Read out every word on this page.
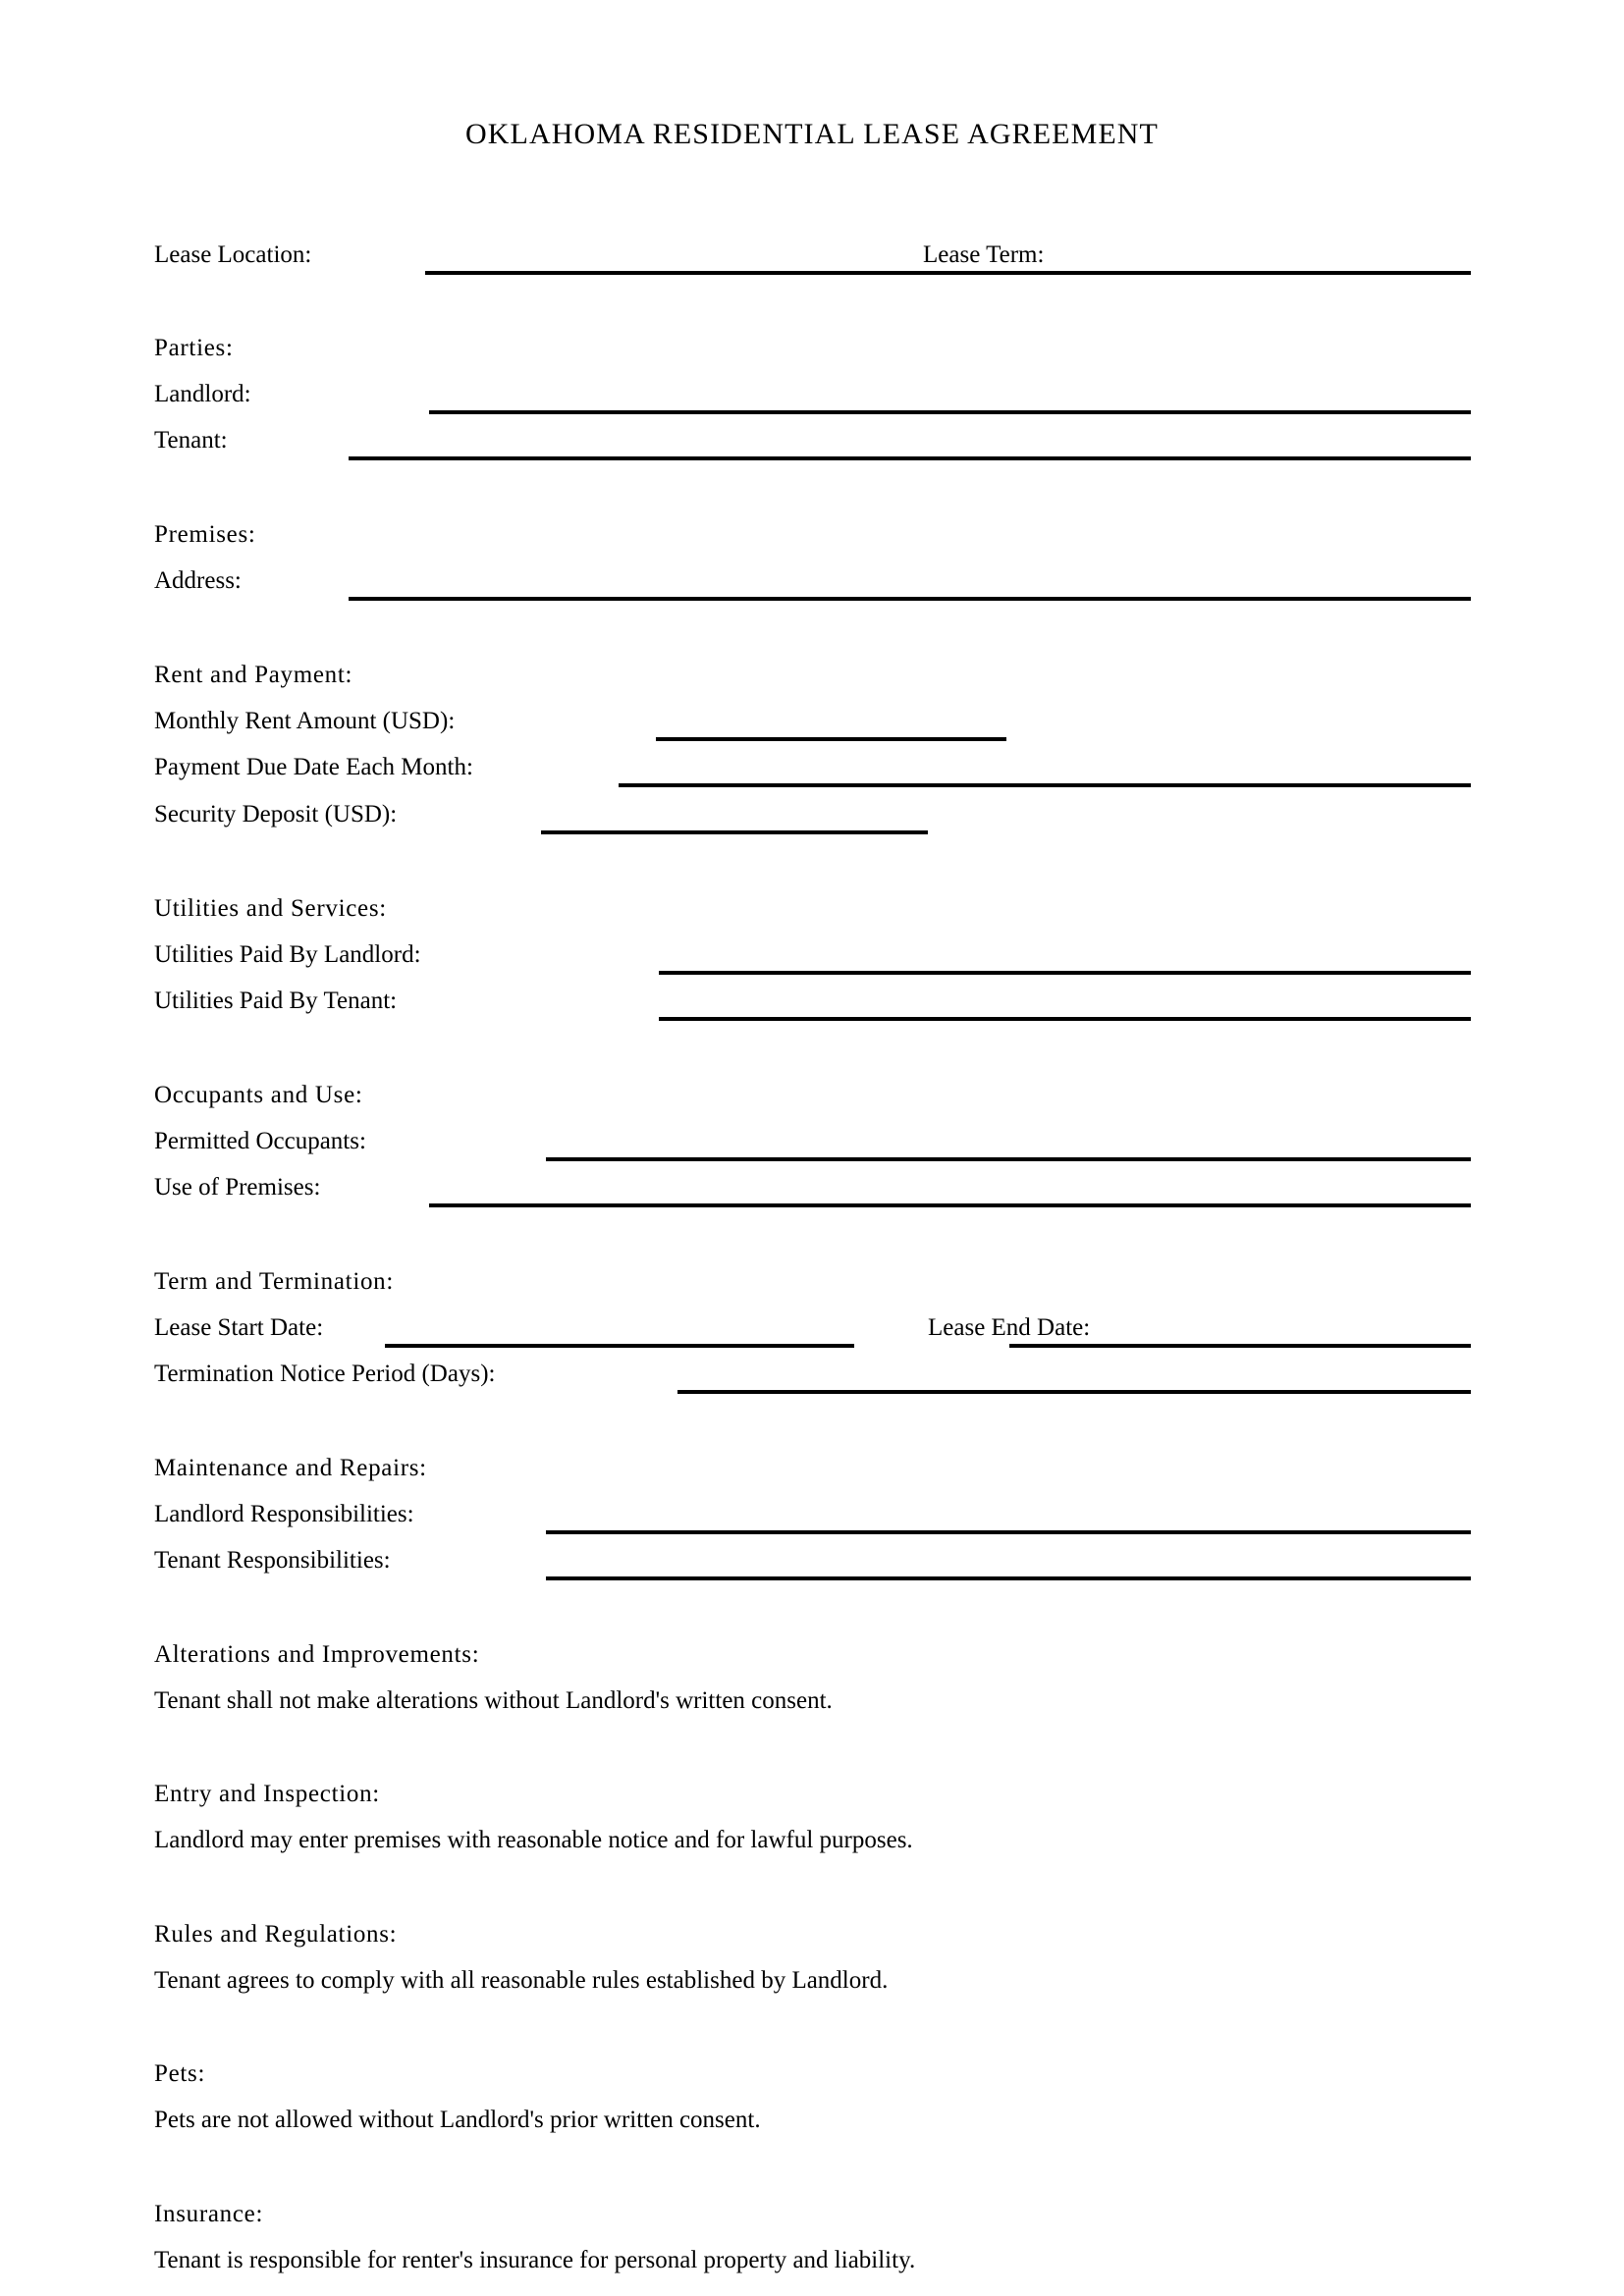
OKLAHOMA RESIDENTIAL LEASE AGREEMENT
Lease Location:	Lease Term:
Parties:
Landlord:
Tenant:
Premises:
Address:
Rent and Payment:
Monthly Rent Amount (USD):
Payment Due Date Each Month:
Security Deposit (USD):
Utilities and Services:
Utilities Paid By Landlord:
Utilities Paid By Tenant:
Occupants and Use:
Permitted Occupants:
Use of Premises:
Term and Termination:
Lease Start Date:	Lease End Date:
Termination Notice Period (Days):
Maintenance and Repairs:
Landlord Responsibilities:
Tenant Responsibilities:
Alterations and Improvements:
Tenant shall not make alterations without Landlord's written consent.
Entry and Inspection:
Landlord may enter premises with reasonable notice and for lawful purposes.
Rules and Regulations:
Tenant agrees to comply with all reasonable rules established by Landlord.
Pets:
Pets are not allowed without Landlord's prior written consent.
Insurance:
Tenant is responsible for renter's insurance for personal property and liability.
